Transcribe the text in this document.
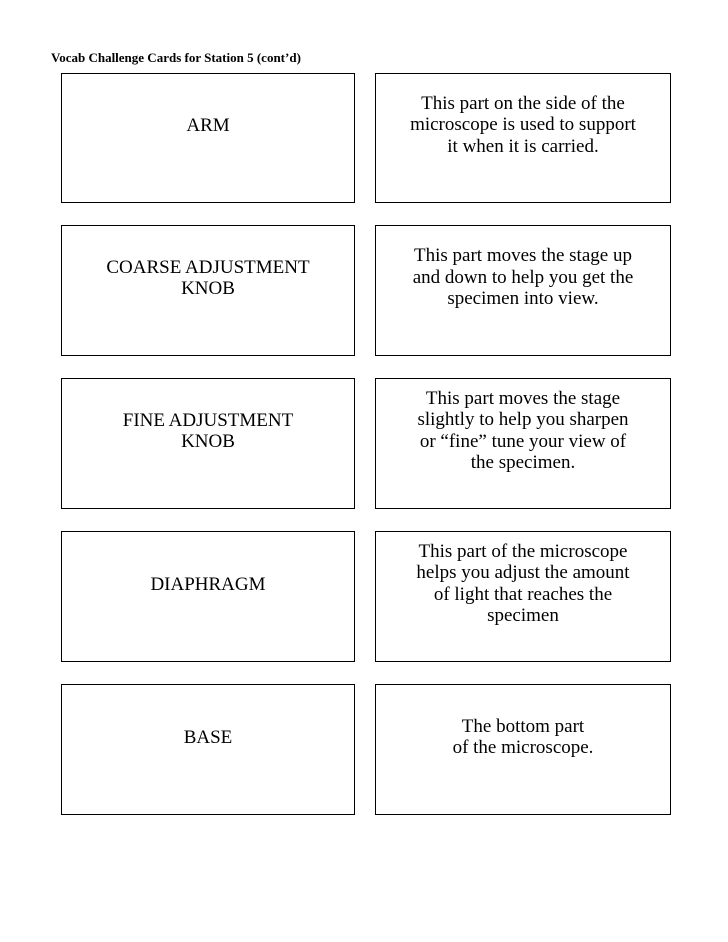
Vocab Challenge Cards for Station 5 (cont’d)
ARM
This part on the side of the
microscope is used to support
it when it is carried.
COARSE ADJUSTMENT
KNOB
This part moves the stage up
and down to help you get the
specimen into view.
FINE ADJUSTMENT
KNOB
This part moves the stage
slightly to help you sharpen
or “fine” tune your view of
the specimen.
DIAPHRAGM
This part of the microscope
helps you adjust the amount
of light that reaches the
specimen
BASE
The bottom part
of the microscope.
